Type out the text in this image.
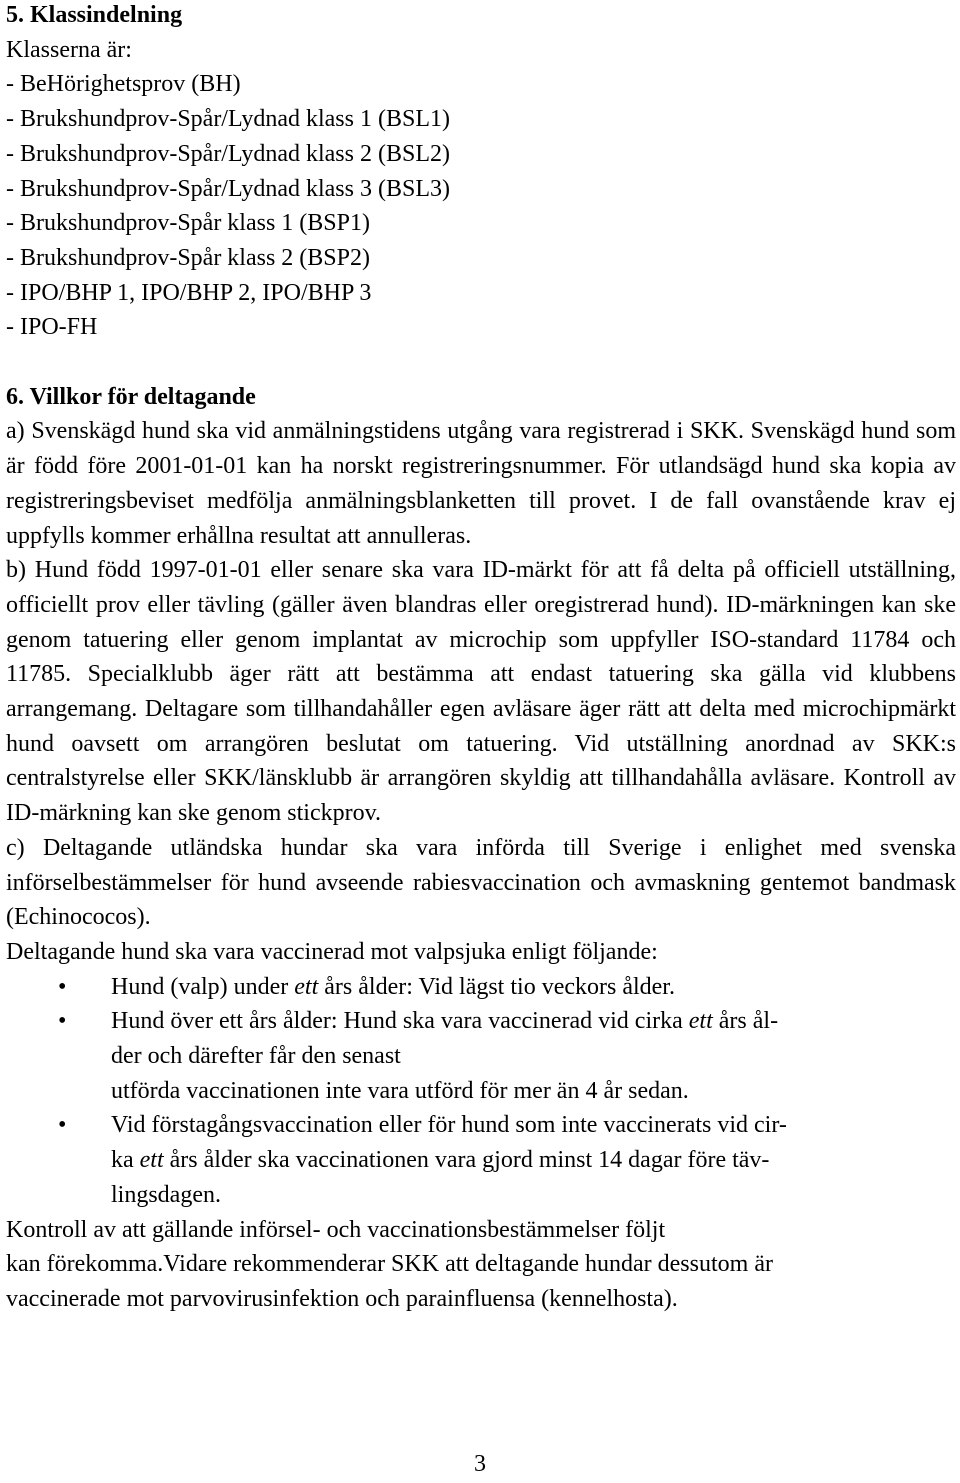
5. Klassindelning
Klasserna är:
- BeHörighetsprov (BH)
- Brukshundprov-Spår/Lydnad klass 1 (BSL1)
- Brukshundprov-Spår/Lydnad klass 2 (BSL2)
- Brukshundprov-Spår/Lydnad klass 3 (BSL3)
- Brukshundprov-Spår klass 1 (BSP1)
- Brukshundprov-Spår klass 2 (BSP2)
- IPO/BHP 1, IPO/BHP 2, IPO/BHP 3
- IPO-FH
6. Villkor för deltagande

a) Svenskägd hund ska vid anmälningstidens utgång vara registrerad i SKK. Svenskägd hund som är född före 2001-01-01 kan ha norskt registreringsnummer. För utlandsägd hund ska kopia av registreringsbeviset medfölja anmälningsblanketten till provet. I de fall ovanstående krav ej uppfylls kommer erhållna resultat att annulleras.

b) Hund född 1997-01-01 eller senare ska vara ID-märkt för att få delta på officiell utställning, officiellt prov eller tävling (gäller även blandras eller oregistrerad hund). ID-märkningen kan ske genom tatuering eller genom implantat av microchip som uppfyller ISO-standard 11784 och 11785. Specialklubb äger rätt att bestämma att endast tatuering ska gälla vid klubbens arrangemang. Deltagare som tillhandahåller egen avläsare äger rätt att delta med microchipmärkt hund oavsett om arrangören beslutat om tatuering. Vid utställning anordnad av SKK:s centralstyrelse eller SKK/länsklubb är arrangören skyldig att tillhandahålla avläsare. Kontroll av ID-märkning kan ske genom stickprov.

c) Deltagande utländska hundar ska vara införda till Sverige i enlighet med svenska införselbestämmelser för hund avseende rabiesvaccination och avmaskning gentemot bandmask (Echinococos).

Deltagande hund ska vara vaccinerad mot valpsjuka enligt följande:

• Hund (valp) under ett års ålder: Vid lägst tio veckors ålder.
• Hund över ett års ålder: Hund ska vara vaccinerad vid cirka ett års ål-
der och därefter får den senast
utförda vaccinationen inte vara utförd för mer än 4 år sedan.
• Vid förstagångsvaccination eller för hund som inte vaccinerats vid cir-
ka ett års ålder ska vaccinationen vara gjord minst 14 dagar före täv-
lingsdagen.
Kontroll av att gällande införsel- och vaccinationsbestämmelser följt
kan förekomma.Vidare rekommenderar SKK att deltagande hundar dessutom är
vaccinerade mot parvovirusinfektion och parainfluensa (kennelhosta).
3
